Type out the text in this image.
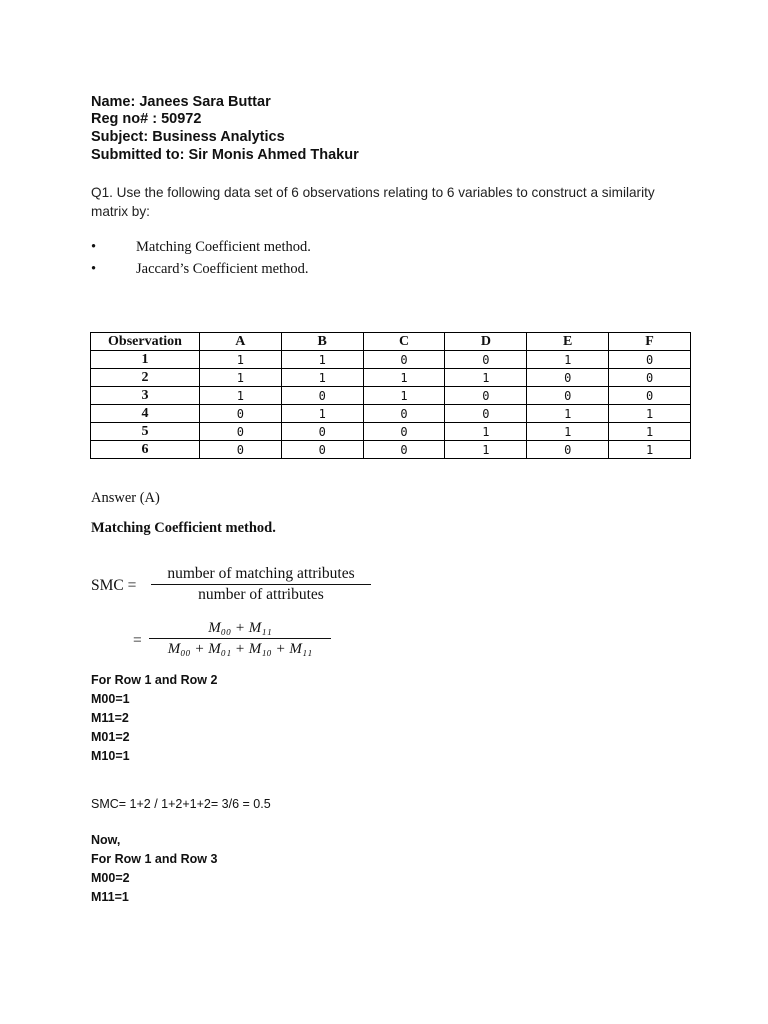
Name: Janees Sara Buttar
Reg no# : 50972
Subject: Business Analytics
Submitted to: Sir Monis Ahmed Thakur
Q1. Use the following data set of 6 observations relating to 6 variables to construct a similarity matrix by:
•	Matching Coefficient method.
•	Jaccard’s Coefficient method.
Observation	A	B	C	D	E	F
1	1	1	0	0	1	0
2	1	1	1	1	0	0
3	1	0	1	0	0	0
4	0	1	0	0	1	1
5	0	0	0	1	1	1
6	0	0	0	1	0	1
Answer (A)
Matching Coefficient method.
SMC =
number of matching attributes
number of attributes
=
M₀₀ + M₁₁
M₀₀ + M₀₁ + M₁₀ + M₁₁
For Row 1 and Row 2
M00=1
M11=2
M01=2
M10=1
SMC= 1+2 / 1+2+1+2= 3/6 = 0.5
Now,
For Row 1 and Row 3
M00=2
M11=1
